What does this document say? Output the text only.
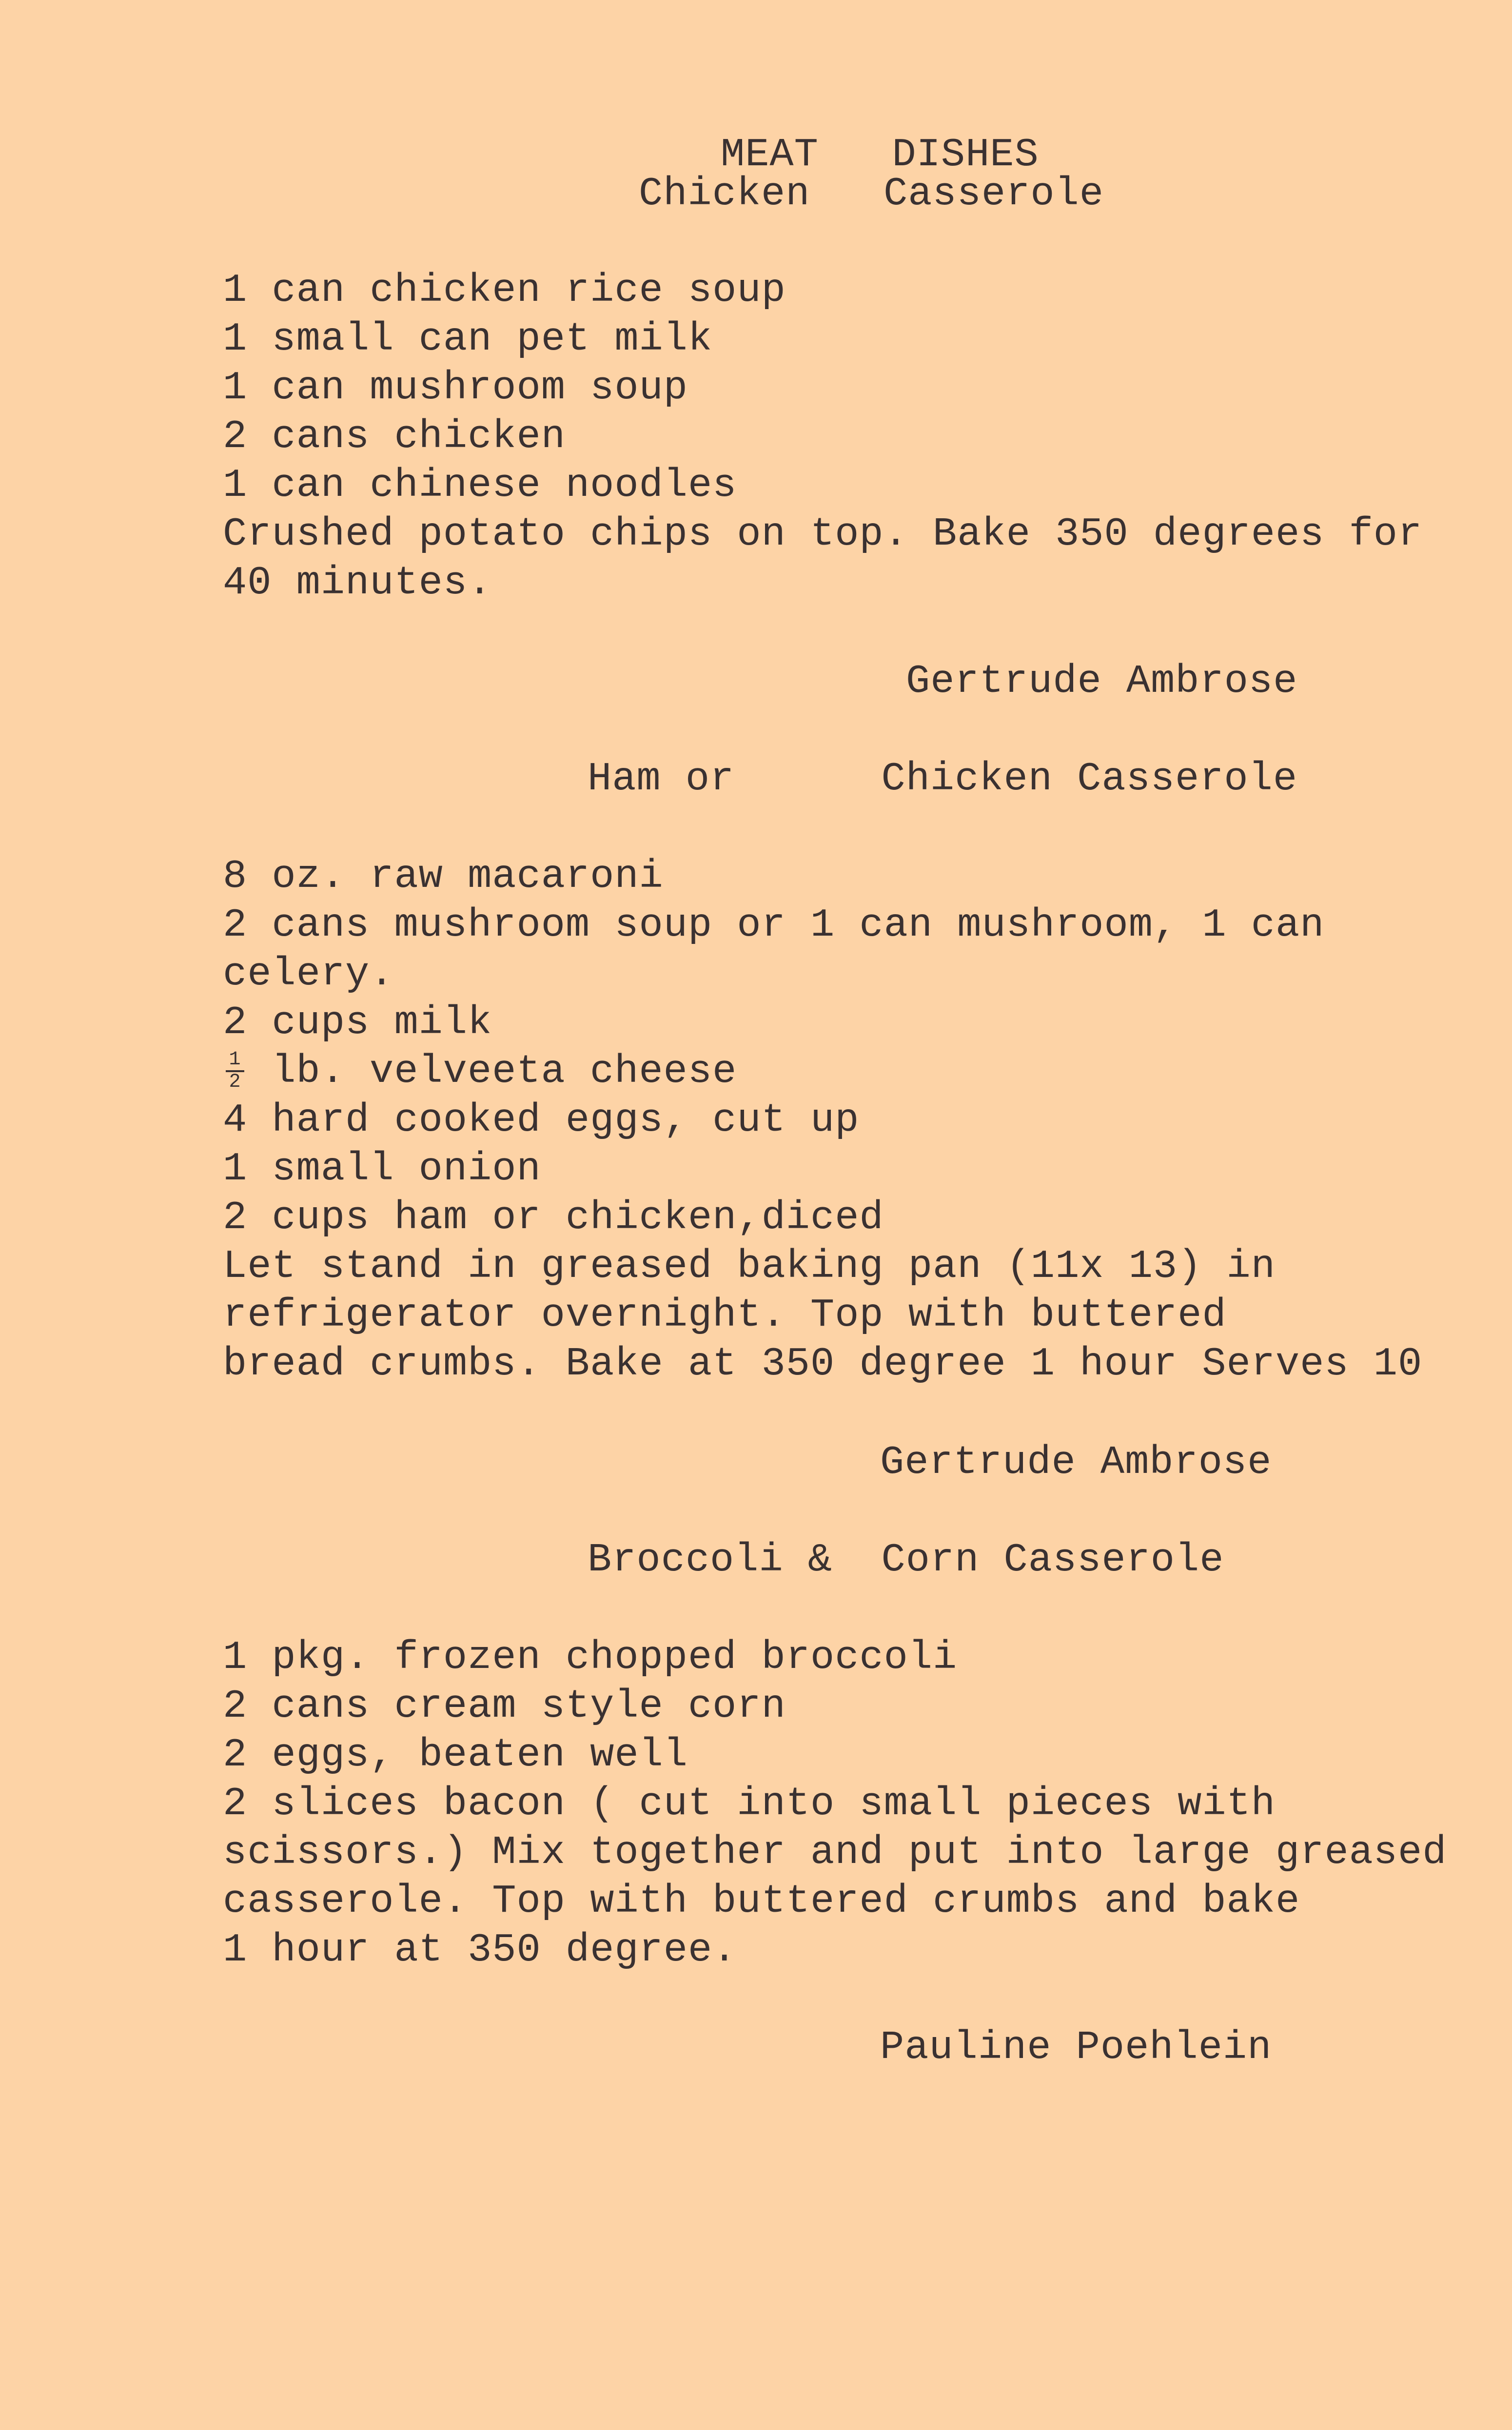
MEAT   DISHES
Chicken   Casserole
1 can chicken rice soup
1 small can pet milk
1 can mushroom soup
2 cans chicken
1 can chinese noodles
Crushed potato chips on top. Bake 350 degrees for
40 minutes.
Gertrude Ambrose
Ham or      Chicken Casserole
8 oz. raw macaroni
2 cans mushroom soup or 1 can mushroom, 1 can
celery.
2 cups milk
$\frac{1}{2}$ lb. velveeta cheese
4 hard cooked eggs, cut up
1 small onion
2 cups ham or chicken,diced
Let stand in greased baking pan (11x 13) in
refrigerator overnight. Top with buttered
bread crumbs. Bake at 350 degree 1 hour Serves 10
Gertrude Ambrose
Broccoli &  Corn Casserole
1 pkg. frozen chopped broccoli
2 cans cream style corn
2 eggs, beaten well
2 slices bacon ( cut into small pieces with
scissors.) Mix together and put into large greased
casserole. Top with buttered crumbs and bake
1 hour at 350 degree.
Pauline Poehlein
